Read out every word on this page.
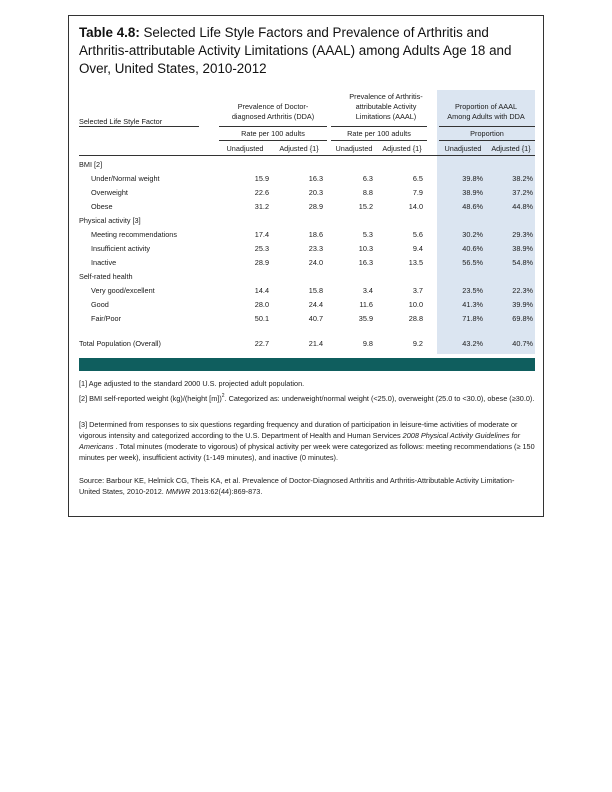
Table 4.8: Selected Life Style Factors and Prevalence of Arthritis and Arthritis-attributable Activity Limitations (AAAL) among Adults Age 18 and Over, United States, 2010-2012
Prevalence of Doctor-
diagnosed Arthritis (DDA)
Prevalence of Arthritis-
attributable Activity
Limitations (AAAL)
Proportion of AAAL
Among Adults with DDA
Selected Life Style Factor
Rate per 100 adults	Rate per 100 adults	Proportion
Unadjusted	Adjusted {1}	Unadjusted	Adjusted {1}	Unadjusted	Adjusted {1}
BMI [2]
Under/Normal weight	15.9	16.3	6.3	6.5	39.8%	38.2%
Overweight	22.6	20.3	8.8	7.9	38.9%	37.2%
Obese	31.2	28.9	15.2	14.0	48.6%	44.8%
Physical activity [3]
Meeting recommendations	17.4	18.6	5.3	5.6	30.2%	29.3%
Insufficient activity	25.3	23.3	10.3	9.4	40.6%	38.9%
Inactive	28.9	24.0	16.3	13.5	56.5%	54.8%
Self-rated health
Very good/excellent	14.4	15.8	3.4	3.7	23.5%	22.3%
Good	28.0	24.4	11.6	10.0	41.3%	39.9%
Fair/Poor	50.1	40.7	35.9	28.8	71.8%	69.8%
Total Population (Overall)	22.7	21.4	9.8	9.2	43.2%	40.7%
[1] Age adjusted to the standard 2000 U.S. projected adult population.
[2] BMI self-reported weight (kg)/(height [m])$^2$. Categorized as: underweight/normal weight (<25.0), overweight (25.0 to <30.0), obese (≥30.0).
[3] Determined from responses to six questions regarding frequency and duration of participation in leisure-time activities of moderate or vigorous intensity and categorized according to the U.S. Department of Health and Human Services 2008 Physical Activity Guidelines for Americans . Total minutes (moderate to vigorous) of physical activity per week were categorized as follows: meeting recommendations (≥ 150 minutes per week), insufficient activity (1-149 minutes), and inactive (0 minutes).
Source: Barbour KE, Helmick CG, Theis KA, et al. Prevalence of Doctor-Diagnosed Arthritis and Arthritis-Attributable Activity Limitation-United States, 2010-2012. MMWR 2013:62(44):869-873.
